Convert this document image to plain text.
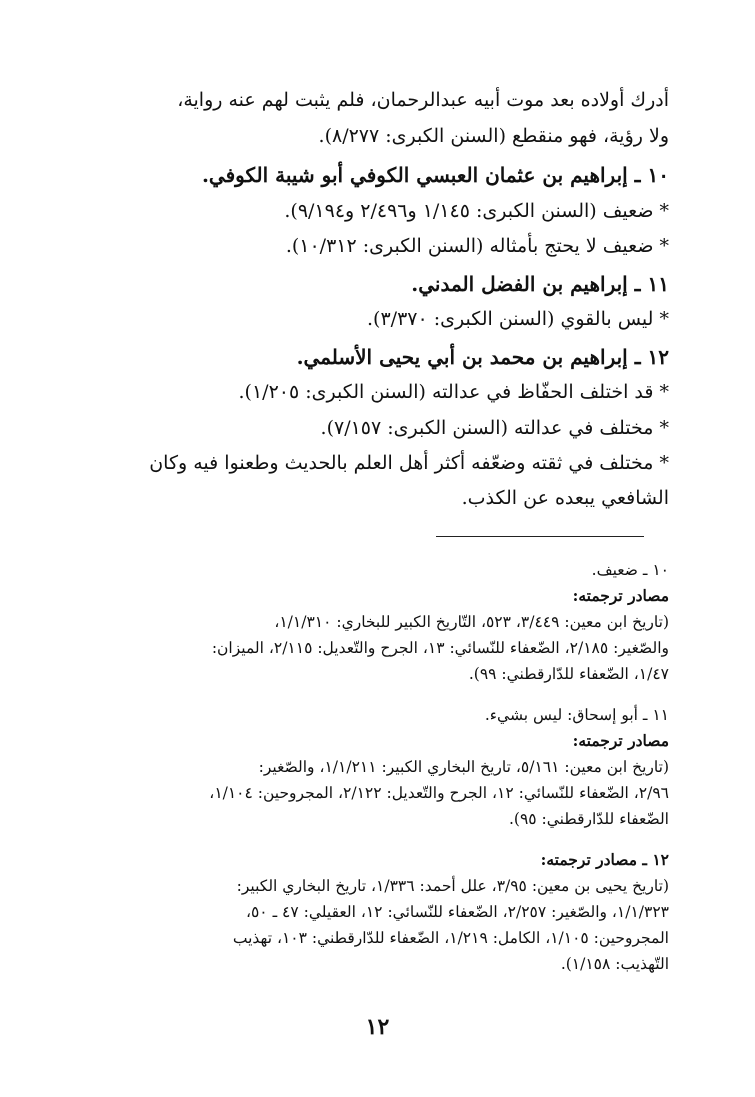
أدرك أولاده بعد موت أبيه عبدالرحمان، فلم يثبت لهم عنه رواية،
ولا رؤية، فهو منقطع (السنن الكبرى: ٨/٢٧٧).
١٠ ـ إبراهيم بن عثمان العبسي الكوفي أبو شيبة الكوفي.
* ضعيف (السنن الكبرى: ١/١٤٥ و٢/٤٩٦ و٩/١٩٤).
* ضعيف لا يحتج بأمثاله (السنن الكبرى: ١٠/٣١٢).
١١ ـ إبراهيم بن الفضل المدني.
* ليس بالقوي (السنن الكبرى: ٣/٣٧٠).
١٢ ـ إبراهيم بن محمد بن أبي يحيى الأسلمي.
* قد اختلف الحفّاظ في عدالته (السنن الكبرى: ١/٢٠٥).
* مختلف في عدالته (السنن الكبرى: ٧/١٥٧).
* مختلف في ثقته وضعّفه أكثر أهل العلم بالحديث وطعنوا فيه وكان
الشافعي يبعده عن الكذب.
١٠ ـ ضعيف.
مصادر ترجمته:
(تاريخ ابن معين: ٣/٤٤٩، ٥٢٣، التّاريخ الكبير للبخاري: ١/١/٣١٠،
والصّغير: ٢/١٨٥، الضّعفاء للنّسائي: ١٣، الجرح والتّعديل: ٢/١١٥، الميزان:
١/٤٧، الضّعفاء للدّارقطني: ٩٩).
١١ ـ أبو إسحاق: ليس بشيء.
مصادر ترجمته:
(تاريخ ابن معين: ٥/١٦١، تاريخ البخاري الكبير: ١/١/٢١١، والصّغير:
٢/٩٦، الضّعفاء للنّسائي: ١٢، الجرح والتّعديل: ٢/١٢٢، المجروحين: ١/١٠٤،
الضّعفاء للدّارقطني: ٩٥).
١٢ ـ مصادر ترجمته:
(تاريخ يحيى بن معين: ٣/٩٥، علل أحمد: ١/٣٣٦، تاريخ البخاري الكبير:
١/١/٣٢٣، والصّغير: ٢/٢٥٧، الضّعفاء للنّسائي: ١٢، العقيلي: ٤٧ ـ ٥٠،
المجروحين: ١/١٠٥، الكامل: ١/٢١٩، الضّعفاء للدّارقطني: ١٠٣، تهذيب
التّهذيب: ١/١٥٨).
١٢
